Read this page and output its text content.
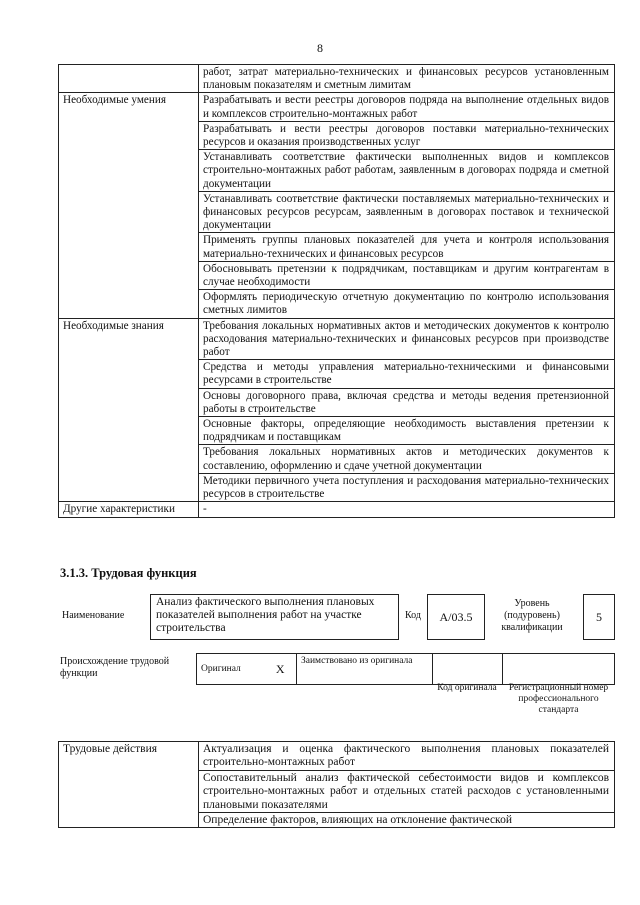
8
	работ, затрат материально-технических и финансовых ресурсов установленным плановым показателям и сметным лимитам
Необходимые умения	Разрабатывать и вести реестры договоров подряда на выполнение отдельных видов и комплексов строительно-монтажных работ
	Разрабатывать и вести реестры договоров поставки материально-технических ресурсов и оказания производственных услуг
	Устанавливать соответствие фактически выполненных видов и комплексов строительно-монтажных работ работам, заявленным в договорах подряда и сметной документации
	Устанавливать соответствие фактически поставляемых материально-технических и финансовых ресурсов ресурсам, заявленным в договорах поставок и технической документации
	Применять группы плановых показателей для учета и контроля использования материально-технических и финансовых ресурсов
	Обосновывать претензии к подрядчикам, поставщикам и другим контрагентам в случае необходимости
	Оформлять периодическую отчетную документацию по контролю использования сметных лимитов
Необходимые знания	Требования локальных нормативных актов и методических документов к контролю расходования материально-технических и финансовых ресурсов при производстве работ
	Средства и методы управления материально-техническими и финансовыми ресурсами в строительстве
	Основы договорного права, включая средства и методы ведения претензионной работы в строительстве
	Основные факторы, определяющие необходимость выставления претензии к подрядчикам и поставщикам
	Требования локальных нормативных актов и методических документов к составлению, оформлению и сдаче учетной документации
	Методики первичного учета поступления и расходования материально-технических ресурсов в строительстве
Другие характеристики	-
3.1.3. Трудовая функция
Наименование
Анализ фактического выполнения плановых показателей выполнения работ на участке строительства
Код	А/03.5
Уровень (подуровень) квалификации
5
Происхождение трудовой функции	Оригинал	X	Заимствовано из оригинала		
Код оригинала	Регистрационный номер профессионального стандарта
Трудовые действия	Актуализация и оценка фактического выполнения плановых показателей строительно-монтажных работ
Сопоставительный анализ фактической себестоимости видов и комплексов строительно-монтажных работ и отдельных статей расходов с установленными плановыми показателями
Определение факторов, влияющих на отклонение фактической
